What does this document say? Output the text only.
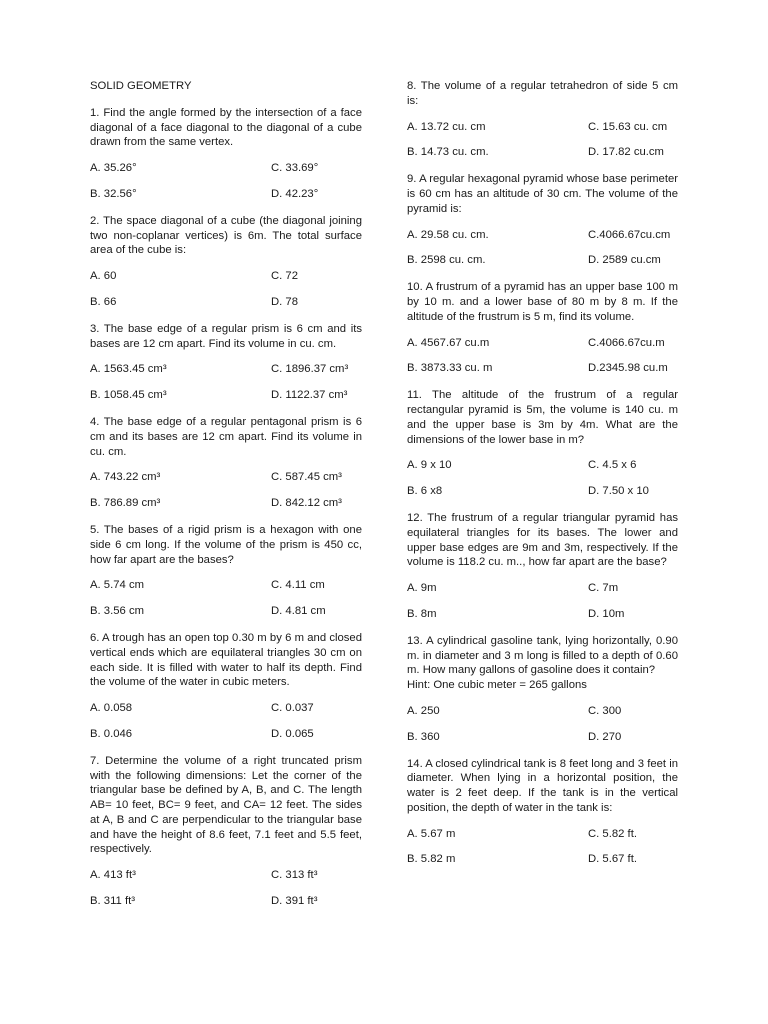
SOLID GEOMETRY
1. Find the angle formed by the intersection of a face diagonal of a face diagonal to the diagonal of a cube drawn from the same vertex.
A. 35.26°	C. 33.69°
B. 32.56°	D. 42.23°
2. The space diagonal of a cube (the diagonal joining two non-coplanar vertices) is 6m. The total surface area of the cube is:
A. 60	C. 72
B. 66	D. 78
3. The base edge of a regular prism is 6 cm and its bases are 12 cm apart. Find its volume in cu. cm.
A. 1563.45 cm³	C. 1896.37 cm³
B. 1058.45 cm³	D. 1122.37 cm³
4. The base edge of a regular pentagonal prism is 6 cm and its bases are 12 cm apart. Find its volume in cu. cm.
A. 743.22 cm³	C. 587.45 cm³
B. 786.89 cm³	D. 842.12 cm³
5. The bases of a rigid prism is a hexagon with one side 6 cm long. If the volume of the prism is 450 cc, how far apart are the bases?
A. 5.74 cm	C. 4.11 cm
B. 3.56 cm	D. 4.81 cm
6. A trough has an open top 0.30 m by 6 m and closed vertical ends which are equilateral triangles 30 cm on each side. It is filled with water to half its depth. Find the volume of the water in cubic meters.
A. 0.058	C. 0.037
B. 0.046	D. 0.065
7. Determine the volume of a right truncated prism with the following dimensions: Let the corner of the triangular base be defined by A, B, and C. The length AB= 10 feet, BC= 9 feet, and CA= 12 feet. The sides at A, B and C are perpendicular to the triangular base and have the height of 8.6 feet, 7.1 feet and 5.5 feet, respectively.
A. 413 ft³	C. 313 ft³
B. 311 ft³	D. 391 ft³
8. The volume of a regular tetrahedron of side 5 cm is:
A. 13.72 cu. cm	C. 15.63 cu. cm
B. 14.73 cu. cm.	D. 17.82 cu.cm
9. A regular hexagonal pyramid whose base perimeter is 60 cm has an altitude of 30 cm. The volume of the pyramid is:
A. 29.58 cu. cm.	C.4066.67cu.cm
B. 2598 cu. cm.	D. 2589 cu.cm
10. A frustrum of a pyramid has an upper base 100 m by 10 m. and a lower base of 80 m by 8 m. If the altitude of the frustrum is 5 m, find its volume.
A. 4567.67 cu.m	C.4066.67cu.m
B. 3873.33 cu. m	D.2345.98 cu.m
11. The altitude of the frustrum of a regular rectangular pyramid is 5m, the volume is 140 cu. m and the upper base is 3m by 4m. What are the dimensions of the lower base in m?
A. 9 x 10	C. 4.5 x 6
B. 6 x8	D. 7.50 x 10
12. The frustrum of a regular triangular pyramid has equilateral triangles for its bases. The lower and upper base edges are 9m and 3m, respectively. If the volume is 118.2 cu. m.., how far apart are the base?
A. 9m	C. 7m
B. 8m	D. 10m
13. A cylindrical gasoline tank, lying horizontally, 0.90 m. in diameter and 3 m long is filled to a depth of 0.60 m. How many gallons of gasoline does it contain?
Hint: One cubic meter = 265 gallons
A. 250	C. 300
B. 360	D. 270
14. A closed cylindrical tank is 8 feet long and 3 feet in diameter. When lying in a horizontal position, the water is 2 feet deep. If the tank is in the vertical position, the depth of water in the tank is:
A. 5.67 m	C. 5.82 ft.
B. 5.82 m	D. 5.67 ft.
